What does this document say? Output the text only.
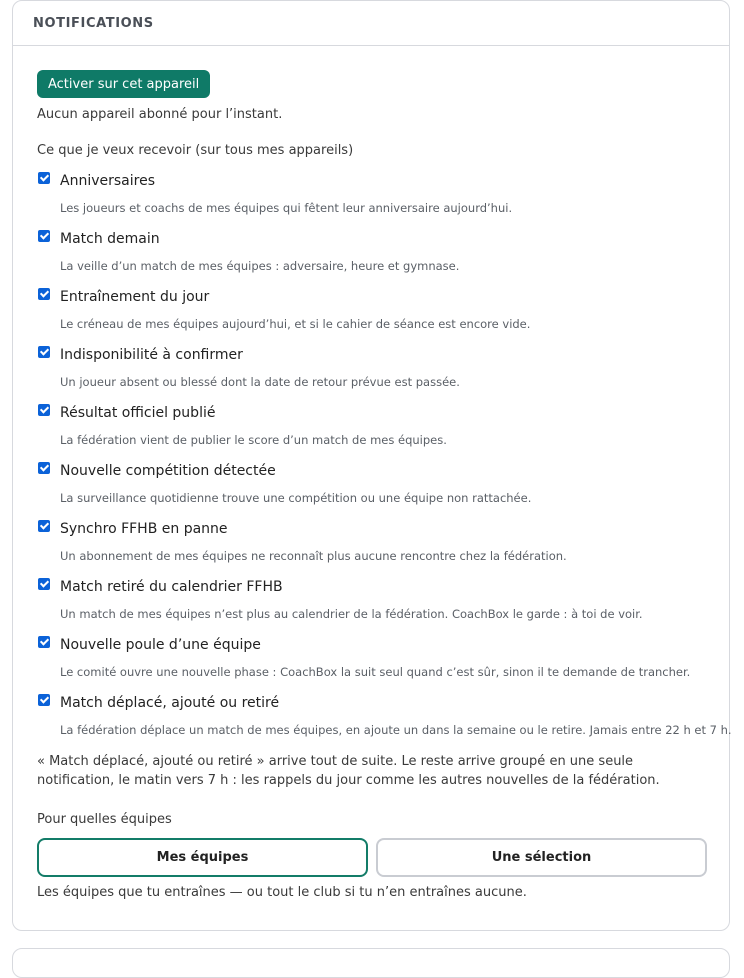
NOTIFICATIONS
Activer sur cet appareil
Aucun appareil abonné pour l’instant.
Ce que je veux recevoir (sur tous mes appareils)
Anniversaires
Les joueurs et coachs de mes équipes qui fêtent leur anniversaire aujourd’hui.
Match demain
La veille d’un match de mes équipes : adversaire, heure et gymnase.
Entraînement du jour
Le créneau de mes équipes aujourd’hui, et si le cahier de séance est encore vide.
Indisponibilité à confirmer
Un joueur absent ou blessé dont la date de retour prévue est passée.
Résultat officiel publié
La fédération vient de publier le score d’un match de mes équipes.
Nouvelle compétition détectée
La surveillance quotidienne trouve une compétition ou une équipe non rattachée.
Synchro FFHB en panne
Un abonnement de mes équipes ne reconnaît plus aucune rencontre chez la fédération.
Match retiré du calendrier FFHB
Un match de mes équipes n’est plus au calendrier de la fédération. CoachBox le garde : à toi de voir.
Nouvelle poule d’une équipe
Le comité ouvre une nouvelle phase : CoachBox la suit seul quand c’est sûr, sinon il te demande de trancher.
Match déplacé, ajouté ou retiré
La fédération déplace un match de mes équipes, en ajoute un dans la semaine ou le retire. Jamais entre 22 h et 7 h.
« Match déplacé, ajouté ou retiré » arrive tout de suite. Le reste arrive groupé en une seule notification, le matin vers 7 h : les rappels du jour comme les autres nouvelles de la fédération.
Pour quelles équipes
Mes équipes	Une sélection
Les équipes que tu entraînes — ou tout le club si tu n’en entraînes aucune.
